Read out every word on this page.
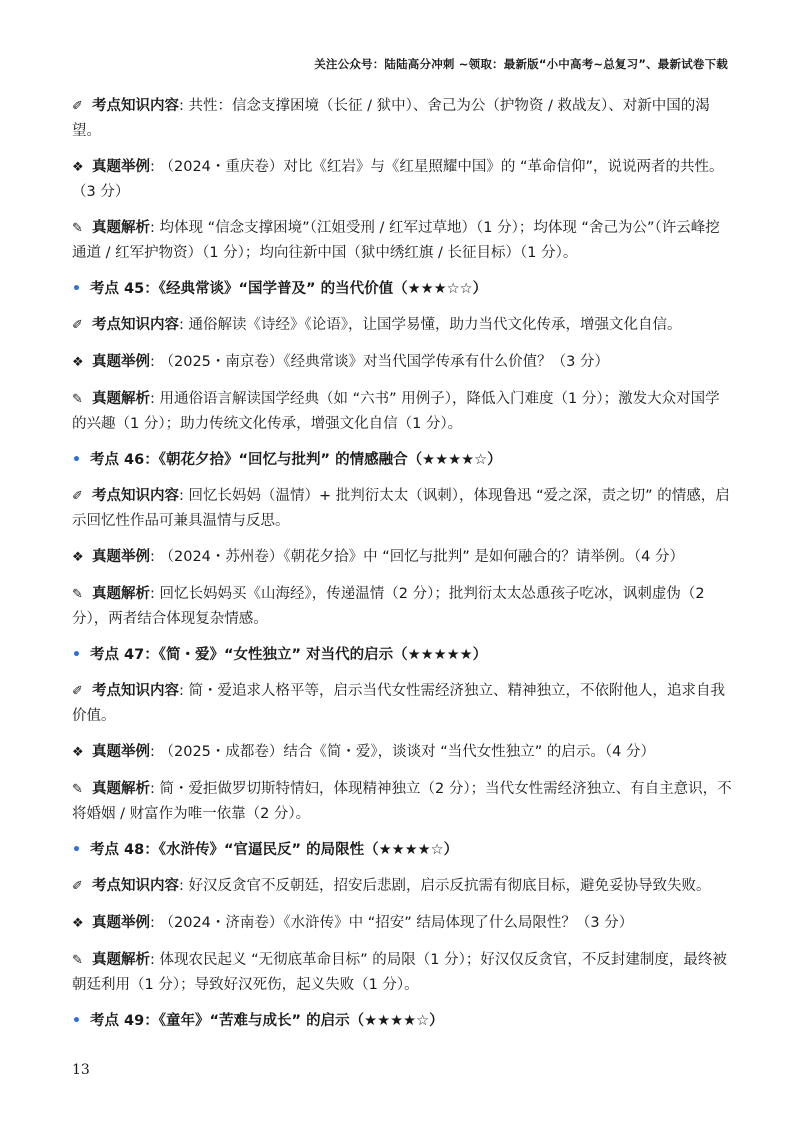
关注公众号：陆陆高分冲刺 ~领取：最新版“小中高考~总复习”、最新试卷下载
✐ 考点知识内容: 共性：信念支撑困境（长征 / 狱中）、舍己为公（护物资 / 救战友）、对新中国的渴望。
❖ 真题举例: （2024・重庆卷）对比《红岩》与《红星照耀中国》的 “革命信仰”，说说两者的共性。（3 分）
✎ 真题解析: 均体现 “信念支撑困境”（江姐受刑 / 红军过草地）（1 分）；均体现 “舍己为公”（许云峰挖通道 / 红军护物资）（1 分）；均向往新中国（狱中绣红旗 / 长征目标）（1 分）。
• 考点 45：《经典常谈》“国学普及” 的当代价值（★★★☆☆）
✐ 考点知识内容: 通俗解读《诗经》《论语》，让国学易懂，助力当代文化传承，增强文化自信。
❖ 真题举例: （2025・南京卷）《经典常谈》对当代国学传承有什么价值？（3 分）
✎ 真题解析: 用通俗语言解读国学经典（如 “六书” 用例子），降低入门难度（1 分）；激发大众对国学的兴趣（1 分）；助力传统文化传承，增强文化自信（1 分）。
• 考点 46：《朝花夕拾》“回忆与批判” 的情感融合（★★★★☆）
✐ 考点知识内容: 回忆长妈妈（温情）+ 批判衍太太（讽刺），体现鲁迅 “爱之深，责之切” 的情感，启示回忆性作品可兼具温情与反思。
❖ 真题举例: （2024・苏州卷）《朝花夕拾》中 “回忆与批判” 是如何融合的？请举例。（4 分）
✎ 真题解析: 回忆长妈妈买《山海经》，传递温情（2 分）；批判衍太太怂恿孩子吃冰，讽刺虚伪（2 分），两者结合体现复杂情感。
• 考点 47：《简・爱》“女性独立” 对当代的启示（★★★★★）
✐ 考点知识内容: 简・爱追求人格平等，启示当代女性需经济独立、精神独立，不依附他人，追求自我价值。
❖ 真题举例: （2025・成都卷）结合《简・爱》，谈谈对 “当代女性独立” 的启示。（4 分）
✎ 真题解析: 简・爱拒做罗切斯特情妇，体现精神独立（2 分）；当代女性需经济独立、有自主意识，不将婚姻 / 财富作为唯一依靠（2 分）。
• 考点 48：《水浒传》“官逼民反” 的局限性（★★★★☆）
✐ 考点知识内容: 好汉反贪官不反朝廷，招安后悲剧，启示反抗需有彻底目标，避免妥协导致失败。
❖ 真题举例: （2024・济南卷）《水浒传》中 “招安” 结局体现了什么局限性？（3 分）
✎ 真题解析: 体现农民起义 “无彻底革命目标” 的局限（1 分）；好汉仅反贪官，不反封建制度，最终被朝廷利用（1 分）；导致好汉死伤，起义失败（1 分）。
• 考点 49：《童年》“苦难与成长” 的启示（★★★★☆）
13
